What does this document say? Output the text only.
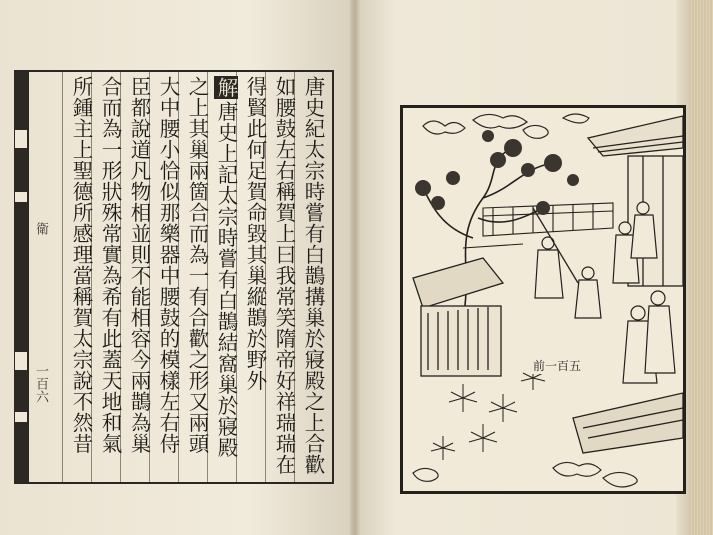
唐史紀太宗時嘗有白鵲搆巢於寢殿之上合歡
如腰鼓左右稱賀上曰我常笑隋帝好祥瑞瑞在
得賢此何足賀命毀其巢縱鵲於野外
解唐史上記太宗時嘗有白鵲結窩巢於寢殿
之上其巢兩箇合而為一有合歡之形又兩頭
大中腰小恰似那樂器中腰鼓的模樣左右侍
臣都說道凡物相並則不能相容今兩鵲為巢
合而為一形狀殊常實為希有此蓋天地和氣
所鍾主上聖德所感理當稱賀太宗說不然昔
衛
一百六	前一百五
